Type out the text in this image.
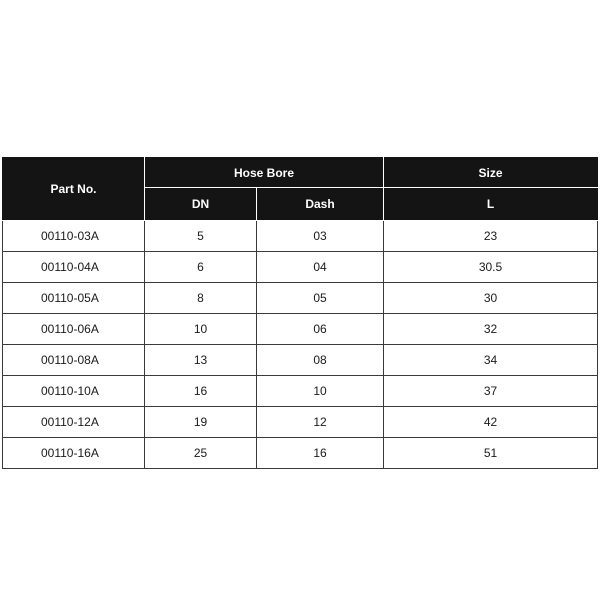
Part No.	Hose Bore		Size
	DN	Dash	L
00110-03A	5	03	23
00110-04A	6	04	30.5
00110-05A	8	05	30
00110-06A	10	06	32
00110-08A	13	08	34
00110-10A	16	10	37
00110-12A	19	12	42
00110-16A	25	16	51
